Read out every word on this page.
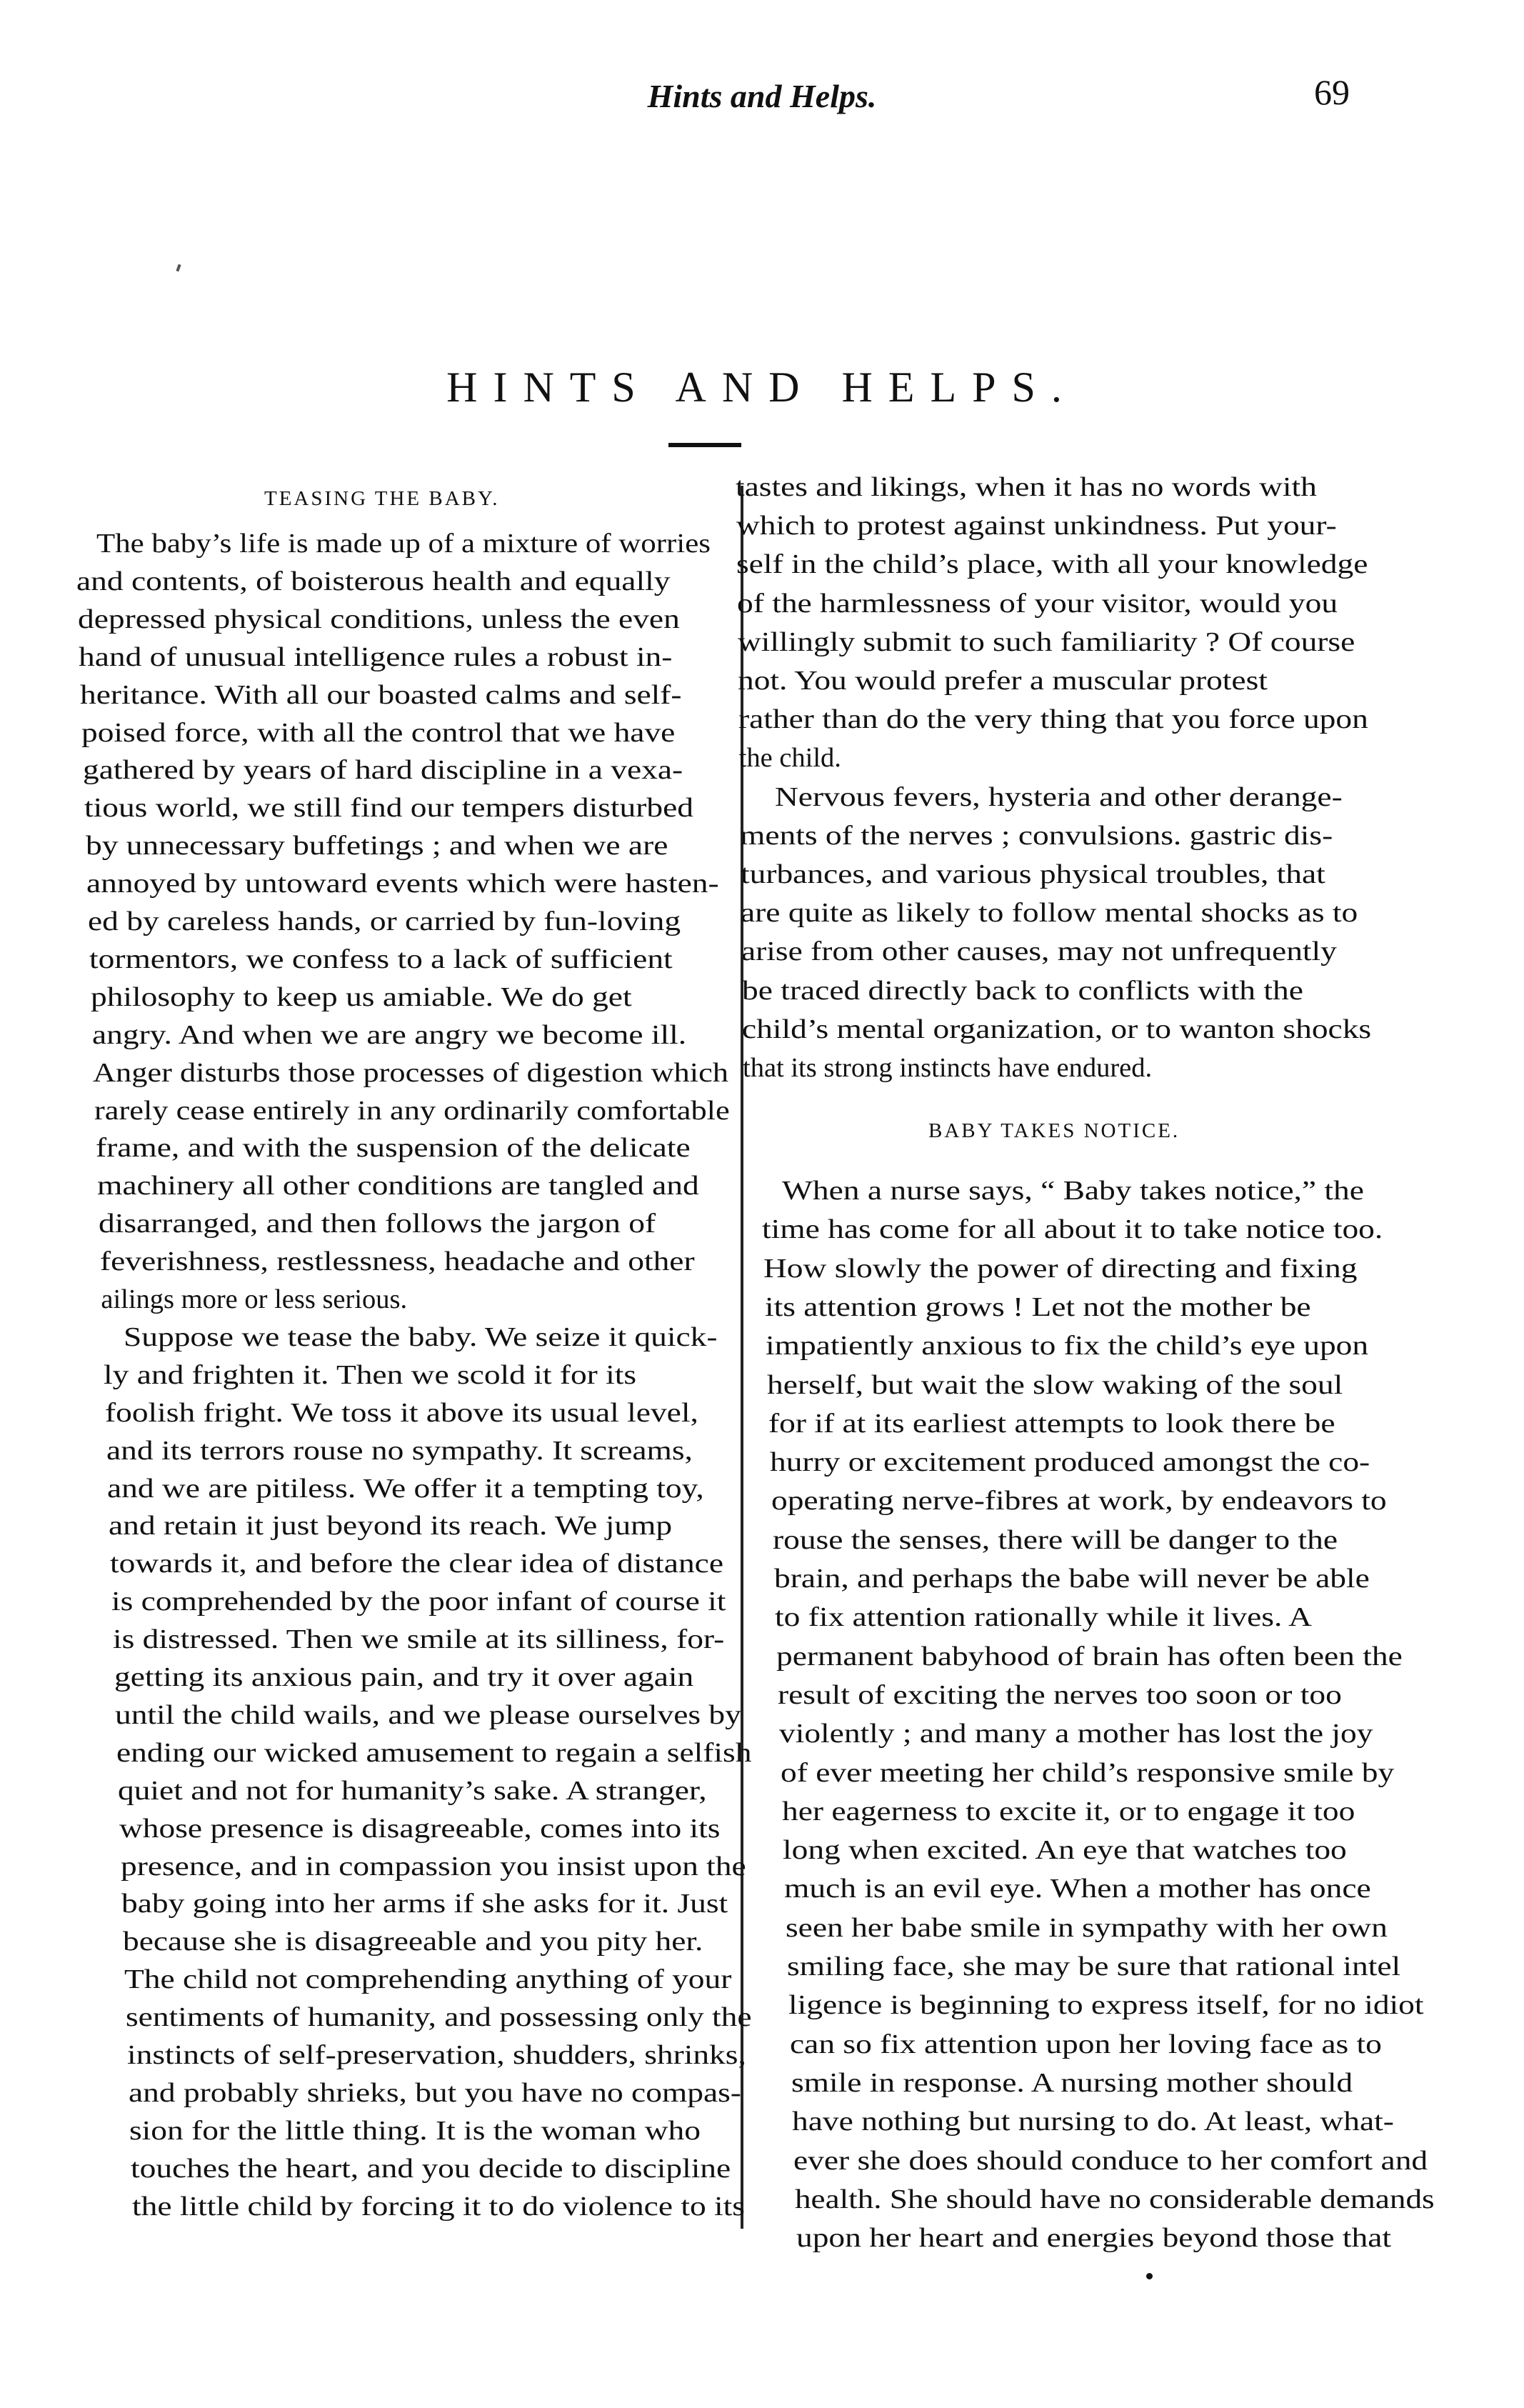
Hints and Helps.	69
HINTS AND HELPS.
TEASING THE BABY.
BABY TAKES NOTICE.
The baby’s life is made up of a mixture of worries
and contents, of boisterous health and equally
depressed physical conditions, unless the even
hand of unusual intelligence rules a robust in-
heritance. With all our boasted calms and self-
poised force, with all the control that we have
gathered by years of hard discipline in a vexa-
tious world, we still find our tempers disturbed
by unnecessary buffetings ; and when we are
annoyed by untoward events which were hasten-
ed by careless hands, or carried by fun-loving
tormentors, we confess to a lack of sufficient
philosophy to keep us amiable. We do get
angry. And when we are angry we become ill.
Anger disturbs those processes of digestion which
rarely cease entirely in any ordinarily comfortable
frame, and with the suspension of the delicate
machinery all other conditions are tangled and
disarranged, and then follows the jargon of
feverishness, restlessness, headache and other
ailings more or less serious.
Suppose we tease the baby. We seize it quick-
ly and frighten it. Then we scold it for its
foolish fright. We toss it above its usual level,
and its terrors rouse no sympathy. It screams,
and we are pitiless. We offer it a tempting toy,
and retain it just beyond its reach. We jump
towards it, and before the clear idea of distance
is comprehended by the poor infant of course it
is distressed. Then we smile at its silliness, for-
getting its anxious pain, and try it over again
until the child wails, and we please ourselves by
ending our wicked amusement to regain a selfish
quiet and not for humanity’s sake. A stranger,
whose presence is disagreeable, comes into its
presence, and in compassion you insist upon the
baby going into her arms if she asks for it. Just
because she is disagreeable and you pity her.
The child not comprehending anything of your
sentiments of humanity, and possessing only the
instincts of self-preservation, shudders, shrinks,
and probably shrieks, but you have no compas-
sion for the little thing. It is the woman who
touches the heart, and you decide to discipline
the little child by forcing it to do violence to its
tastes and likings, when it has no words with
which to protest against unkindness. Put your-
self in the child’s place, with all your knowledge
of the harmlessness of your visitor, would you
willingly submit to such familiarity ? Of course
not. You would prefer a muscular protest
rather than do the very thing that you force upon
the child.
Nervous fevers, hysteria and other derange-
ments of the nerves ; convulsions. gastric dis-
turbances, and various physical troubles, that
are quite as likely to follow mental shocks as to
arise from other causes, may not unfrequently
be traced directly back to conflicts with the
child’s mental organization, or to wanton shocks
that its strong instincts have endured.
When a nurse says, “ Baby takes notice,” the
time has come for all about it to take notice too.
How slowly the power of directing and fixing
its attention grows ! Let not the mother be
impatiently anxious to fix the child’s eye upon
herself, but wait the slow waking of the soul
for if at its earliest attempts to look there be
hurry or excitement produced amongst the co-
operating nerve-fibres at work, by endeavors to
rouse the senses, there will be danger to the
brain, and perhaps the babe will never be able
to fix attention rationally while it lives. A
permanent babyhood of brain has often been the
result of exciting the nerves too soon or too
violently ; and many a mother has lost the joy
of ever meeting her child’s responsive smile by
her eagerness to excite it, or to engage it too
long when excited. An eye that watches too
much is an evil eye. When a mother has once
seen her babe smile in sympathy with her own
smiling face, she may be sure that rational intel
ligence is beginning to express itself, for no idiot
can so fix attention upon her loving face as to
smile in response. A nursing mother should
have nothing but nursing to do. At least, what-
ever she does should conduce to her comfort and
health. She should have no considerable demands
upon her heart and energies beyond those that
